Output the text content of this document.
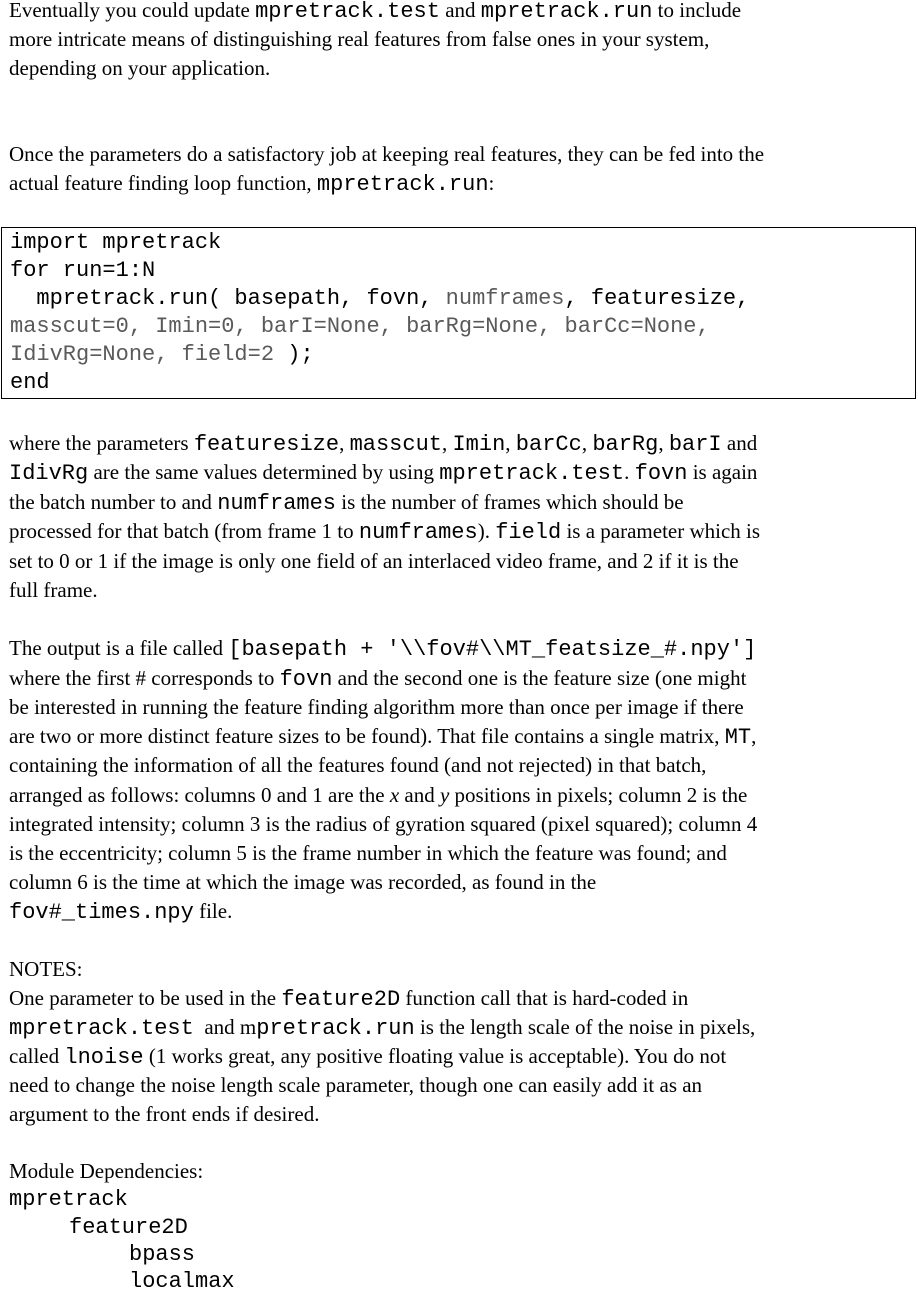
Eventually you could update mpretrack.test and mpretrack.run to include
more intricate means of distinguishing real features from false ones in your system,
depending on your application.
Once the parameters do a satisfactory job at keeping real features, they can be fed into the
actual feature finding loop function, mpretrack.run:
import mpretrack
for run=1:N
mpretrack.run( basepath, fovn, numframes, featuresize,
masscut=0, Imin=0, barI=None, barRg=None, barCc=None,
IdivRg=None, field=2 );
end
where the parameters featuresize, masscut, Imin, barCc, barRg, barI and
IdivRg are the same values determined by using mpretrack.test. fovn is again
the batch number to and numframes is the number of frames which should be
processed for that batch (from frame 1 to numframes). field is a parameter which is
set to 0 or 1 if the image is only one field of an interlaced video frame, and 2 if it is the
full frame.
The output is a file called [basepath + '\\fov#\\MT_featsize_#.npy']
where the first # corresponds to fovn and the second one is the feature size (one might
be interested in running the feature finding algorithm more than once per image if there
are two or more distinct feature sizes to be found). That file contains a single matrix, MT,
containing the information of all the features found (and not rejected) in that batch,
arranged as follows: columns 0 and 1 are the x and y positions in pixels; column 2 is the
integrated intensity; column 3 is the radius of gyration squared (pixel squared); column 4
is the eccentricity; column 5 is the frame number in which the feature was found; and
column 6 is the time at which the image was recorded, as found in the
fov#_times.npy file.
NOTES:
One parameter to be used in the feature2D function call that is hard-coded in
mpretrack.test  and mpretrack.run is the length scale of the noise in pixels,
called lnoise (1 works great, any positive floating value is acceptable). You do not
need to change the noise length scale parameter, though one can easily add it as an
argument to the front ends if desired.
Module Dependencies:
mpretrack
feature2D
bpass
localmax
